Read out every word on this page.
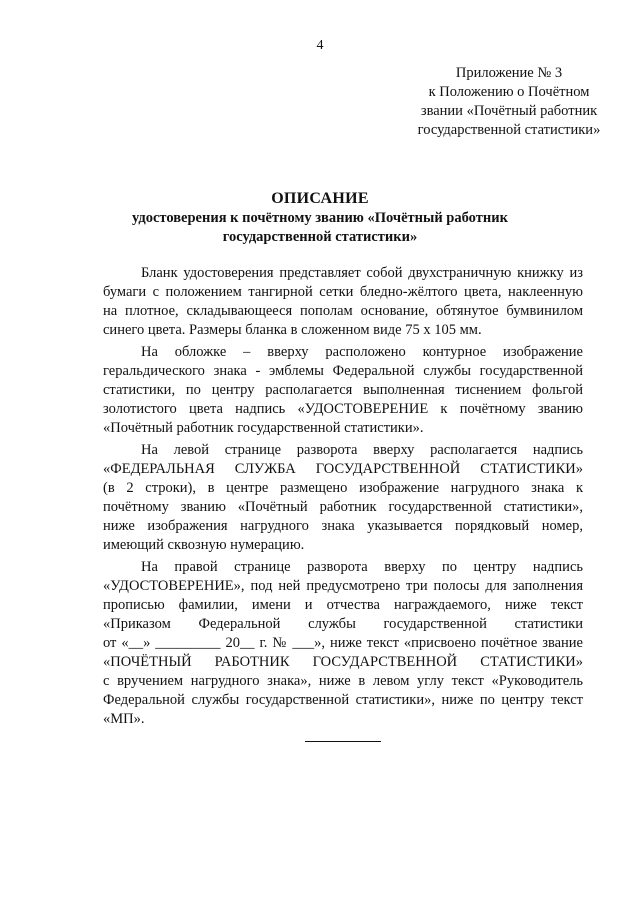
4
Приложение № 3
к Положению о Почётном
звании «Почётный работник
государственной статистики»
ОПИСАНИЕ
удостоверения к почётному званию «Почётный работник
государственной статистики»

Бланк удостоверения представляет собой двухстраничную книжку из
бумаги с положением тангирной сетки бледно-жёлтого цвета, наклеенную
на плотное, складывающееся пополам основание, обтянутое бумвинилом
синего цвета. Размеры бланка в сложенном виде 75 х 105 мм.

На обложке – вверху расположено контурное изображение
геральдического знака - эмблемы Федеральной службы государственной
статистики, по центру располагается выполненная тиснением фольгой
золотистого цвета надпись «УДОСТОВЕРЕНИЕ к почётному званию
«Почётный работник государственной статистики».

На левой странице разворота вверху располагается надпись
«ФЕДЕРАЛЬНАЯ СЛУЖБА ГОСУДАРСТВЕННОЙ СТАТИСТИКИ»
(в 2 строки), в центре размещено изображение нагрудного знака к
почётному званию «Почётный работник государственной статистики»,
ниже изображения нагрудного знака указывается порядковый номер,
имеющий сквозную нумерацию.

На правой странице разворота вверху по центру надпись
«УДОСТОВЕРЕНИЕ», под ней предусмотрено три полосы для заполнения
прописью фамилии, имени и отчества награждаемого, ниже текст
«Приказом Федеральной службы государственной статистики
от «__» _________ 20__ г. № ___», ниже текст «присвоено почётное звание
«ПОЧЁТНЫЙ РАБОТНИК ГОСУДАРСТВЕННОЙ СТАТИСТИКИ»
с вручением нагрудного знака», ниже в левом углу текст «Руководитель
Федеральной службы государственной статистики», ниже по центру текст
«МП».
